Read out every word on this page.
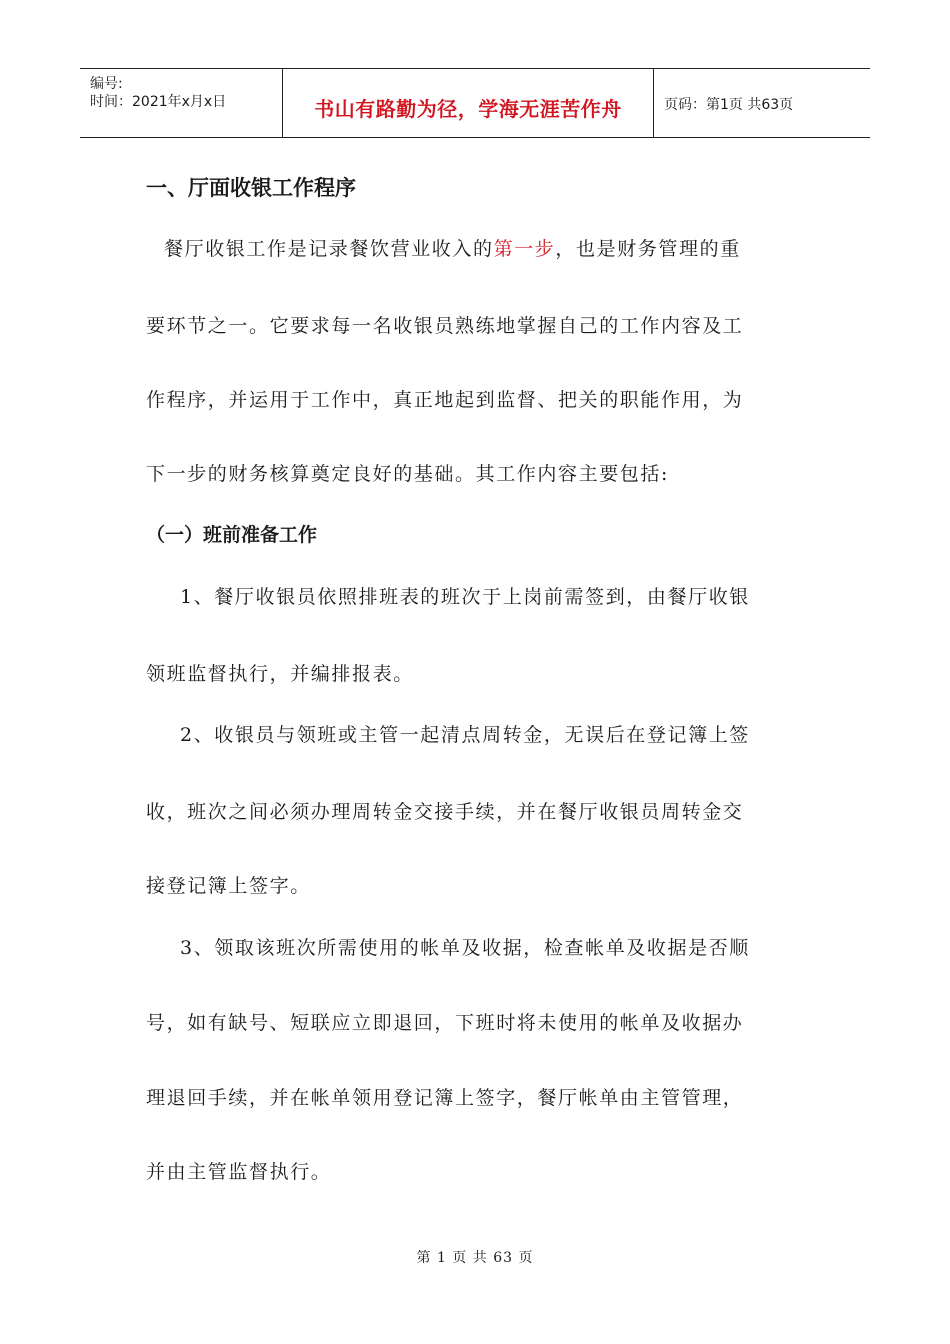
编号:
时间：2021年x月x日	书山有路勤为径，学海无涯苦作舟	页码：第1页 共63页
一、厅面收银工作程序
餐厅收银工作是记录餐饮营业收入的第一步，也是财务管理的重
要环节之一。它要求每一名收银员熟练地掌握自己的工作内容及工
作程序，并运用于工作中，真正地起到监督、把关的职能作用，为
下一步的财务核算奠定良好的基础。其工作内容主要包括:
（一）班前准备工作
1、餐厅收银员依照排班表的班次于上岗前需签到，由餐厅收银
领班监督执行，并编排报表。
2、收银员与领班或主管一起清点周转金，无误后在登记簿上签
收，班次之间必须办理周转金交接手续，并在餐厅收银员周转金交
接登记簿上签字。
3、领取该班次所需使用的帐单及收据，检查帐单及收据是否顺
号，如有缺号、短联应立即退回，下班时将未使用的帐单及收据办
理退回手续，并在帐单领用登记簿上签字，餐厅帐单由主管管理，
并由主管监督执行。
第 1 页 共 63 页
